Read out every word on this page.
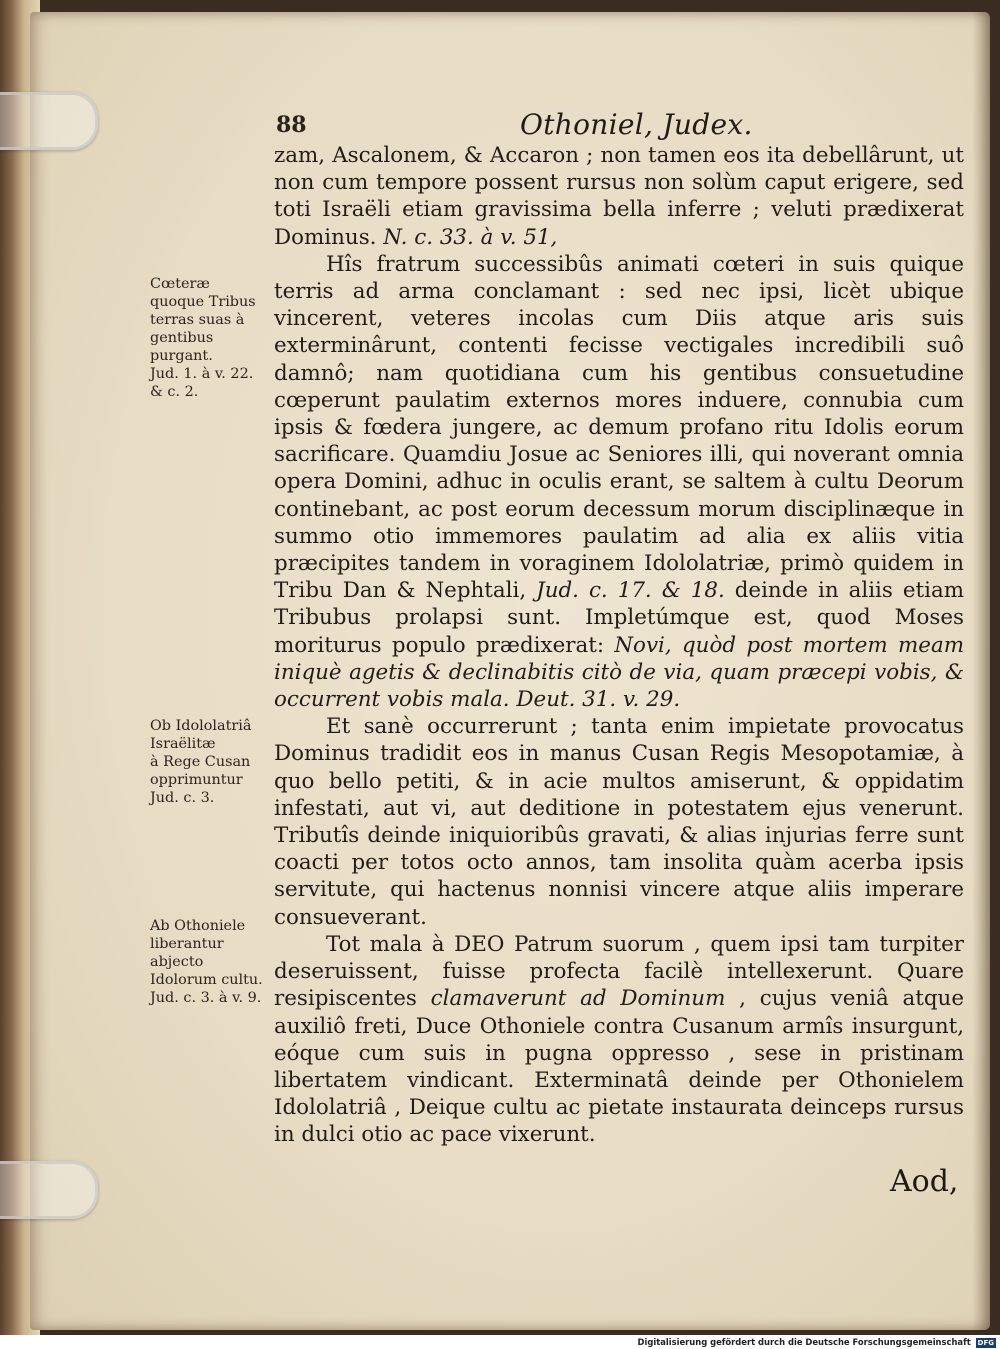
88	Othoniel, Judex.
Cœteræ quoque Tribus
terras suas à
gentibus
purgant.
Jud. 1. à v. 22.
& c. 2.
Ob Idololatriâ Israëlitæ
à Rege Cusan
opprimuntur
Jud. c. 3.
Ab Othoniele liberantur
abjecto Idolorum cultu.
Jud. c. 3. à v. 9.

zam, Ascalonem, & Accaron ; non tamen eos ita debellârunt, ut non cum tempore possent rursus non solùm caput erigere, sed toti Israëli etiam gravissima bella inferre ; veluti prædixerat Dominus. N. c. 33. à v. 51,

Hîs fratrum successibûs animati cœteri in suis quique terris ad arma conclamant : sed nec ipsi, licèt ubique vincerent, veteres incolas cum Diis atque aris suis exterminârunt, contenti fecisse vectigales incredibili suô damnô; nam quotidiana cum his gentibus consuetudine cœperunt paulatim externos mores induere, connubia cum ipsis & fœdera jungere, ac demum profano ritu Idolis eorum sacrificare. Quamdiu Josue ac Seniores illi, qui noverant omnia opera Domini, adhuc in oculis erant, se saltem à cultu Deorum continebant, ac post eorum decessum morum disciplinæque in summo otio immemores paulatim ad alia ex aliis vitia præcipites tandem in voraginem Idololatriæ, primò quidem in Tribu Dan & Nephtali, Jud. c. 17. & 18. deinde in aliis etiam Tribubus prolapsi sunt. Impletúmque est, quod Moses moriturus populo prædixerat: Novi, quòd post mortem meam iniquè agetis & declinabitis citò de via, quam præcepi vobis, & occurrent vobis mala. Deut. 31. v. 29.

Et sanè occurrerunt ; tanta enim impietate provocatus Dominus tradidit eos in manus Cusan Regis Mesopotamiæ, à quo bello petiti, & in acie multos amiserunt, & oppidatim infestati, aut vi, aut deditione in potestatem ejus venerunt. Tributîs deinde iniquioribûs gravati, & alias injurias ferre sunt coacti per totos octo annos, tam insolita quàm acerba ipsis servitute, qui hactenus nonnisi vincere atque aliis imperare consueverant.

Tot mala à DEO Patrum suorum , quem ipsi tam turpiter deseruissent, fuisse profecta facilè intellexerunt. Quare resipiscentes clamaverunt ad Dominum , cujus veniâ atque auxiliô freti, Duce Othoniele contra Cusanum armîs insurgunt, eóque cum suis in pugna oppresso , sese in pristinam libertatem vindicant. Exterminatâ deinde per Othonielem Idololatriâ , Deique cultu ac pietate instaurata deinceps rursus in dulci otio ac pace vixerunt.

Aod,
Digitalisierung gefördert durch die Deutsche Forschungsgemeinschaft DFG
